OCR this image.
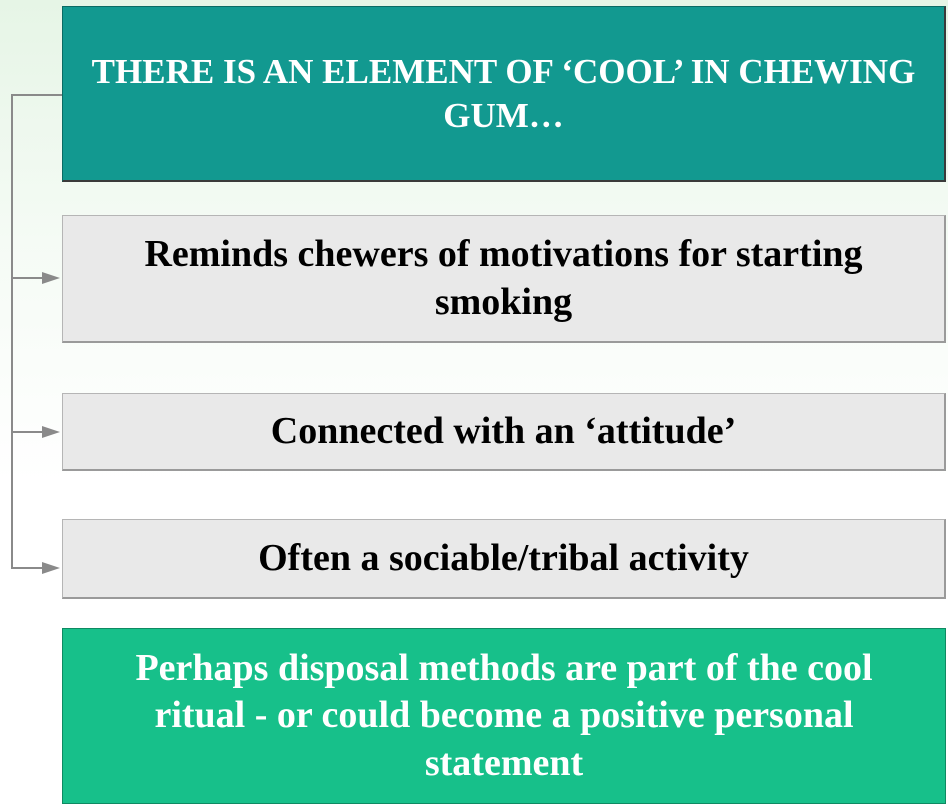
THERE IS AN ELEMENT OF ‘COOL’ IN CHEWING GUM…
Reminds chewers of motivations for starting smoking
Connected with an ‘attitude’
Often a sociable/tribal activity
Perhaps disposal methods are part of the cool ritual - or could become a positive personal statement
